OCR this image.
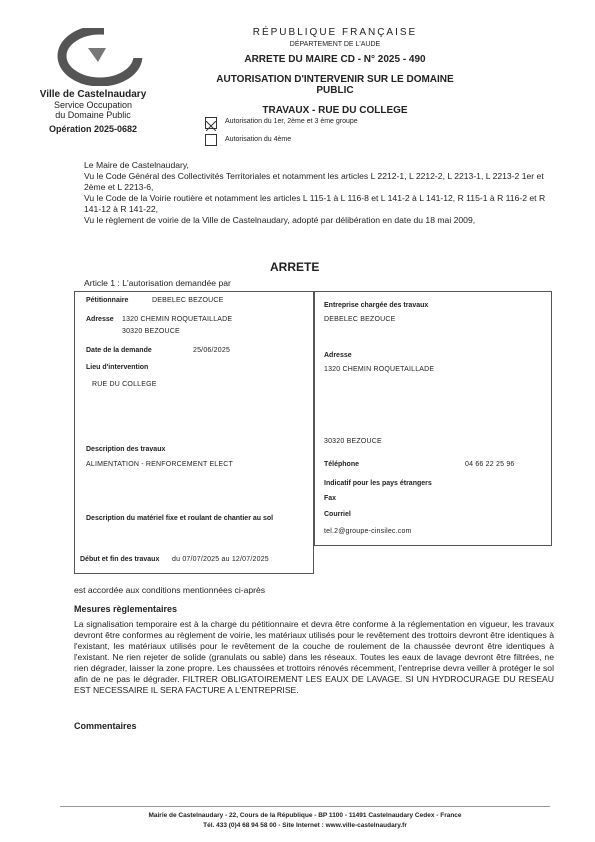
Ville de Castelnaudary
Service Occupation
du Domaine Public
Opération 2025-0682
RÉPUBLIQUE FRANÇAISE
DÉPARTEMENT DE L'AUDE
ARRETE DU MAIRE CD - N° 2025 - 490
AUTORISATION D'INTERVENIR SUR LE DOMAINE PUBLIC
TRAVAUX - RUE DU COLLEGE
Autorisation du 1er, 2ème et 3 ème groupe
Autorisation du 4ème
Le Maire de Castelnaudary,
Vu le Code Général des Collectivités Territoriales et notamment les articles L 2212-1, L 2212-2, L 2213-1, L 2213-2 1er et 2ème et L 2213-6,
Vu le Code de la Voirie routière et notamment les articles L 115-1 à L 116-8 et L 141-2 à L 141-12, R 115-1 à R 116-2 et R 141-12 à R 141-22,
Vu le règlement de voirie de la Ville de Castelnaudary, adopté par délibération en date du 18 mai 2009,
ARRETE
Article 1 : L'autorisation demandée par
Pétitionnaire	DEBELEC BEZOUCE
Adresse 1320 CHEMIN ROQUETAILLADE
30320 BEZOUCE
Date de la demande	25/06/2025
Lieu d'intervention
RUE DU COLLEGE
Description des travaux
ALIMENTATION - RENFORCEMENT ELECT
Description du matériel fixe et roulant de chantier au sol
Début et fin des travaux du 07/07/2025 au 12/07/2025
Entreprise chargée des travaux
DEBELEC BEZOUCE
Adresse
1320 CHEMIN ROQUETAILLADE
30320 BEZOUCE
Téléphone	04 66 22 25 96
Indicatif pour les pays étrangers
Fax
Courriel
tel.2@groupe-cinsilec.com
est accordée aux conditions mentionnées ci-après
Mesures règlementaires
La signalisation temporaire est à la charge du pétitionnaire et devra être conforme à la réglementation en vigueur, les travaux devront être conformes au règlement de voirie, les matériaux utilisés pour le revêtement des trottoirs devront être identiques à l'existant, les matériaux utilisés pour le revêtement de la couche de roulement de la chaussée devront être identiques à l'existant. Ne rien rejeter de solide (granulats ou sable) dans les réseaux. Toutes les eaux de lavage devront être filtrées, ne rien dégrader, laisser la zone propre. Les chaussées et trottoirs rénovés récemment, l'entreprise devra veiller à protéger le sol afin de ne pas le dégrader. FILTRER OBLIGATOIREMENT LES EAUX DE LAVAGE. SI UN HYDROCURAGE DU RESEAU EST NECESSAIRE IL SERA FACTURE A L'ENTREPRISE.
Commentaires
Mairie de Castelnaudary - 22, Cours de la République - BP 1100 - 11491 Castelnaudary Cedex - France
Tél. 433 (0)4 68 94 58 00 - Site Internet : www.ville-castelnaudary.fr
